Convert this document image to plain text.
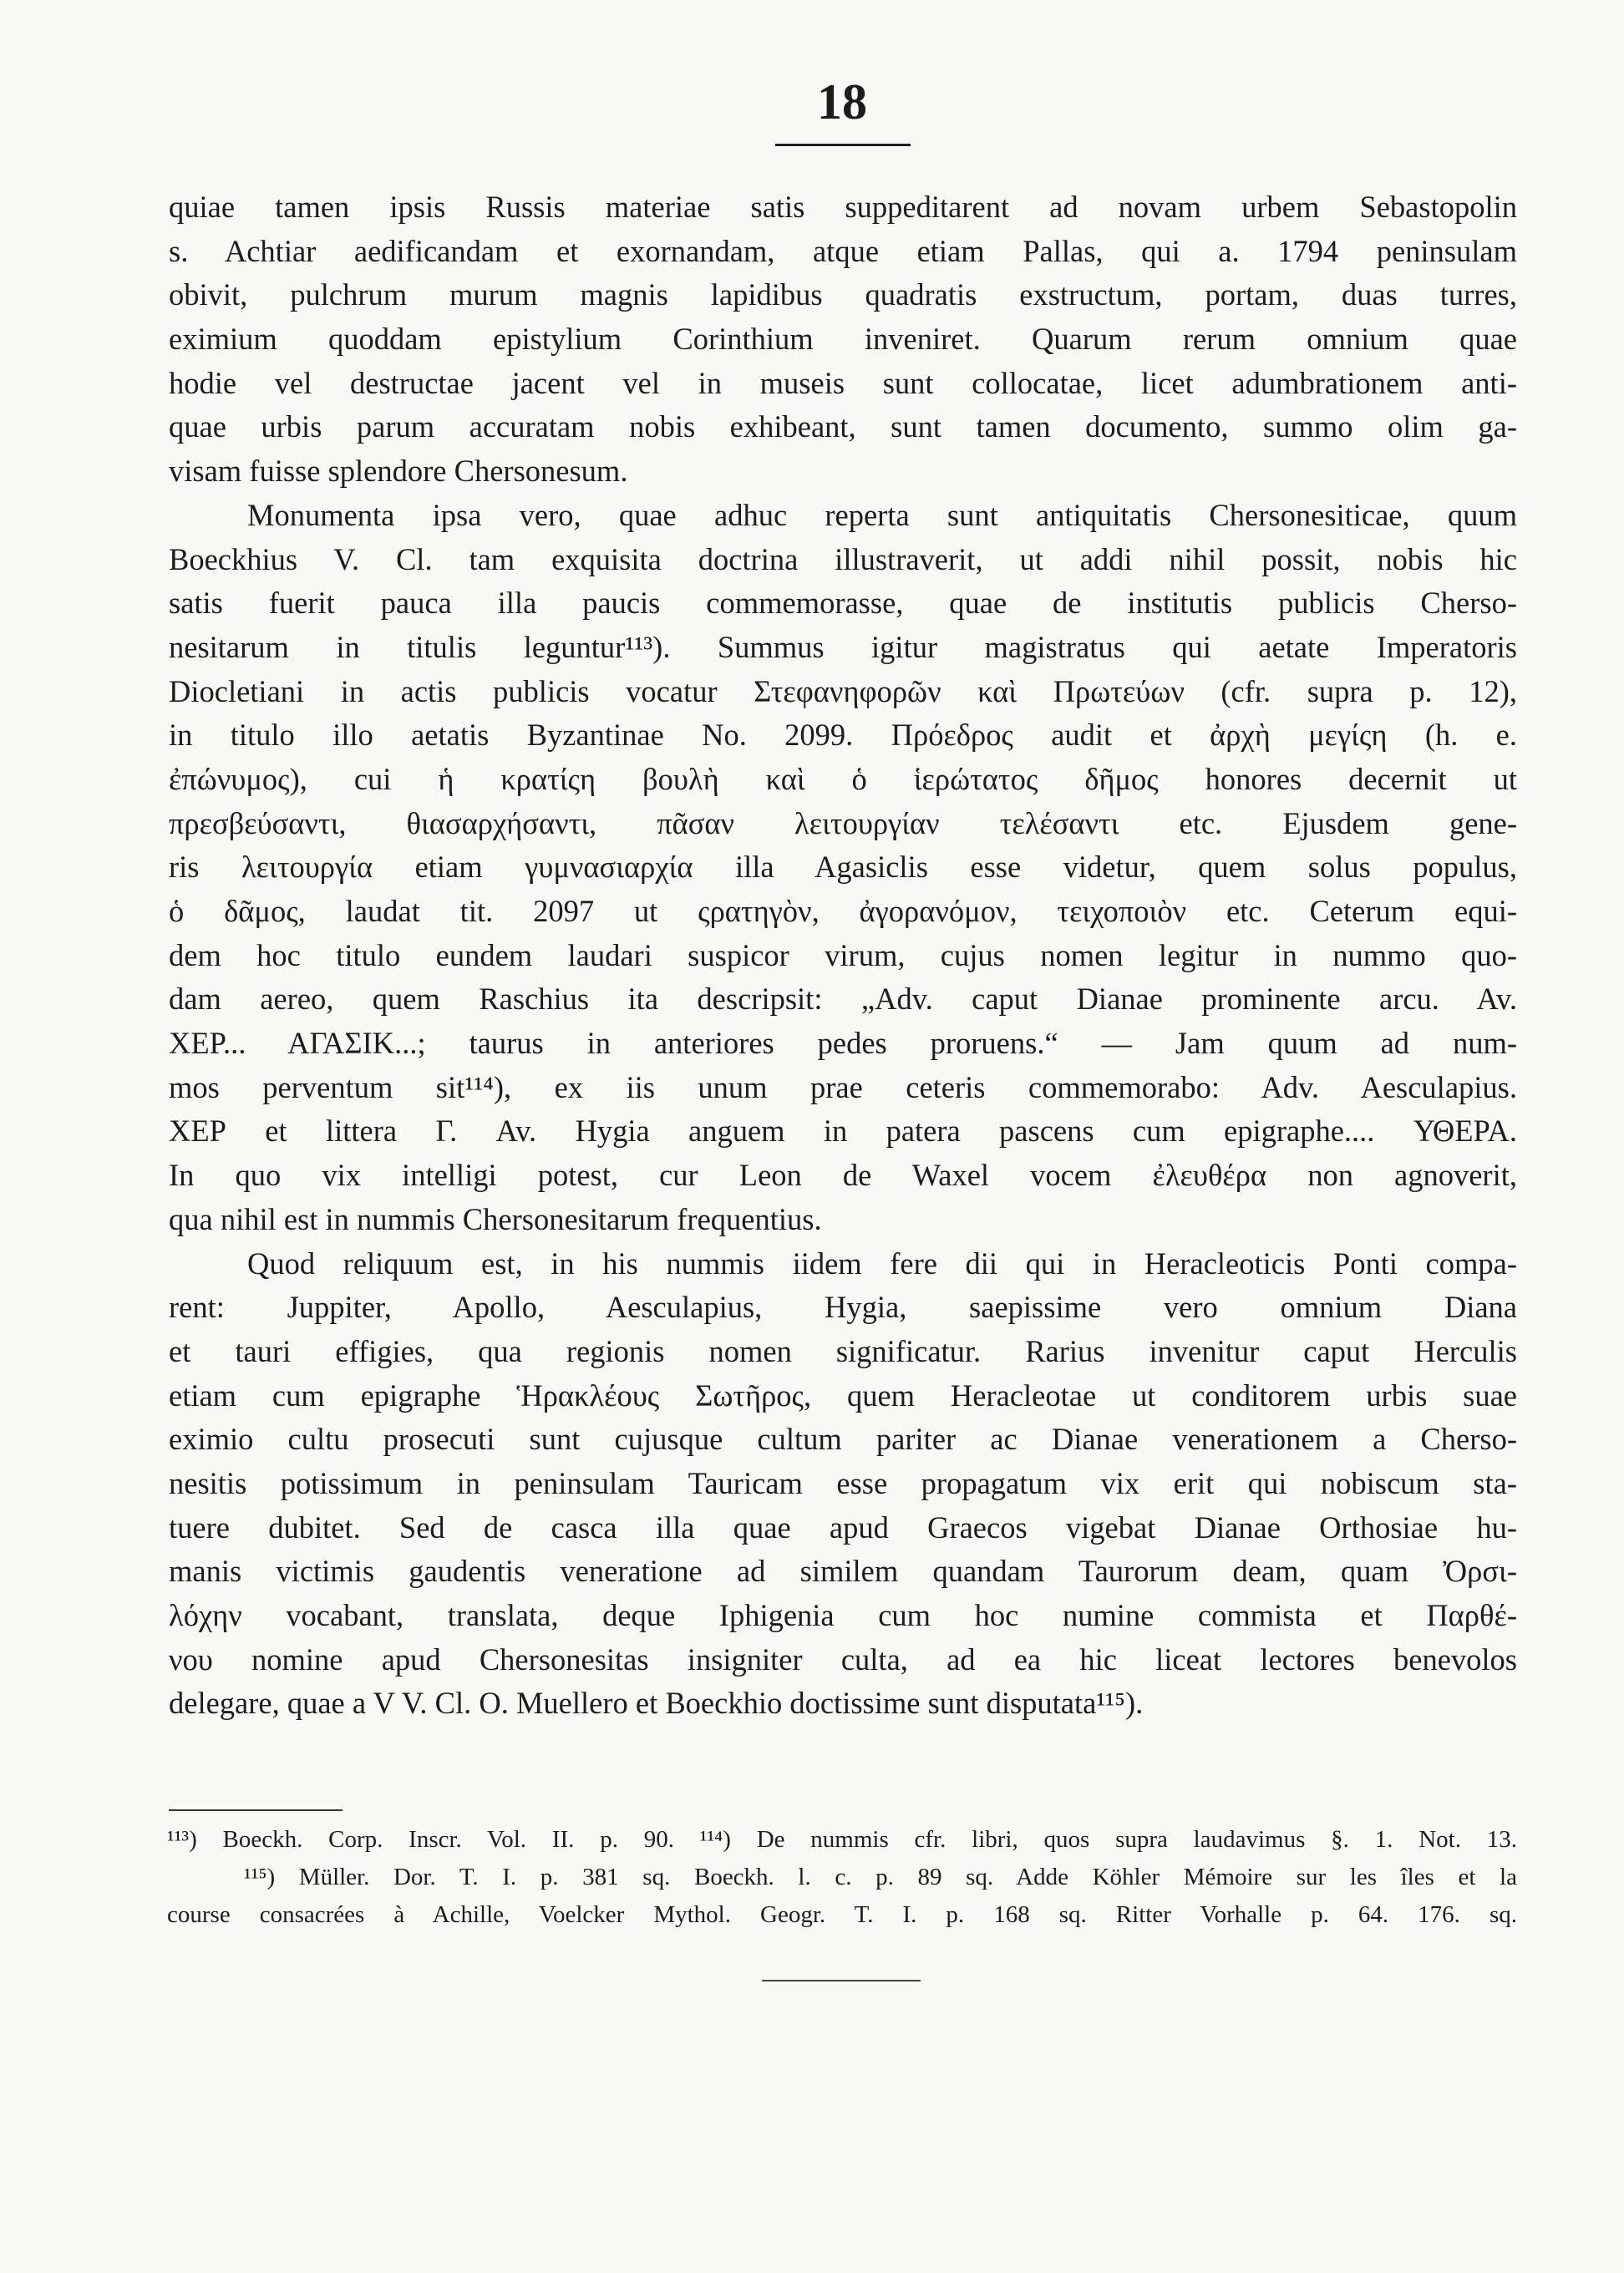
18
quiae tamen ipsis Russis materiae satis suppeditarent ad novam urbem Sebastopolin
s. Achtiar aedificandam et exornandam, atque etiam Pallas, qui a. 1794 peninsulam
obivit, pulchrum murum magnis lapidibus quadratis exstructum, portam, duas turres,
eximium quoddam epistylium Corinthium inveniret. Quarum rerum omnium quae
hodie vel destructae jacent vel in museis sunt collocatae, licet adumbrationem anti-
quae urbis parum accuratam nobis exhibeant, sunt tamen documento, summo olim ga-
visam fuisse splendore Chersonesum.
Monumenta ipsa vero, quae adhuc reperta sunt antiquitatis Chersonesiticae, quum
Boeckhius V. Cl. tam exquisita doctrina illustraverit, ut addi nihil possit, nobis hic
satis fuerit pauca illa paucis commemorasse, quae de institutis publicis Cherso-
nesitarum in titulis leguntur¹¹³). Summus igitur magistratus qui aetate Imperatoris
Diocletiani in actis publicis vocatur Στεφανηφορῶν καὶ Πρωτεύων (cfr. supra p. 12),
in titulo illo aetatis Byzantinae No. 2099. Πρόεδρος audit et ἀρχὴ μεγίςη (h. e.
ἐπώνυμος), cui ἡ κρατίςη βουλὴ καὶ ὁ ἱερώτατος δῆμος honores decernit ut
πρεσβεύσαντι, θιασαρχήσαντι, πᾶσαν λειτουργίαν τελέσαντι etc. Ejusdem gene-
ris λειτουργία etiam γυμνασιαρχία illa Agasiclis esse videtur, quem solus populus,
ὁ δᾶμος, laudat tit. 2097 ut ςρατηγὸν, ἀγορανόμον, τειχοποιὸν etc. Ceterum equi-
dem hoc titulo eundem laudari suspicor virum, cujus nomen legitur in nummo quo-
dam aereo, quem Raschius ita descripsit: „Adv. caput Dianae prominente arcu. Av.
ΧΕΡ... ΑΓΑΣΙΚ...; taurus in anteriores pedes proruens.“ — Jam quum ad num-
mos perventum sit¹¹⁴), ex iis unum prae ceteris commemorabo: Adv. Aesculapius.
ΧΕΡ et littera Γ. Av. Hygia anguem in patera pascens cum epigraphe.... ΥΘΕΡΑ.
In quo vix intelligi potest, cur Leon de Waxel vocem ἐλευθέρα non agnoverit,
qua nihil est in nummis Chersonesitarum frequentius.
Quod reliquum est, in his nummis iidem fere dii qui in Heracleoticis Ponti compa-
rent: Juppiter, Apollo, Aesculapius, Hygia, saepissime vero omnium Diana
et tauri effigies, qua regionis nomen significatur. Rarius invenitur caput Herculis
etiam cum epigraphe Ἡρακλέους Σωτῆρος, quem Heracleotae ut conditorem urbis suae
eximio cultu prosecuti sunt cujusque cultum pariter ac Dianae venerationem a Cherso-
nesitis potissimum in peninsulam Tauricam esse propagatum vix erit qui nobiscum sta-
tuere dubitet. Sed de casca illa quae apud Graecos vigebat Dianae Orthosiae hu-
manis victimis gaudentis veneratione ad similem quandam Taurorum deam, quam Ὀρσι-
λόχην vocabant, translata, deque Iphigenia cum hoc numine commista et Παρθέ-
νου nomine apud Chersonesitas insigniter culta, ad ea hic liceat lectores benevolos
delegare, quae a V V. Cl. O. Muellero et Boeckhio doctissime sunt disputata¹¹⁵).
¹¹³) Boeckh. Corp. Inscr. Vol. II. p. 90. ¹¹⁴) De nummis cfr. libri, quos supra laudavimus §. 1. Not. 13.
¹¹⁵) Müller. Dor. T. I. p. 381 sq. Boeckh. l. c. p. 89 sq. Adde Köhler Mémoire sur les îles et la
course consacrées à Achille, Voelcker Mythol. Geogr. T. I. p. 168 sq. Ritter Vorhalle p. 64. 176. sq.
